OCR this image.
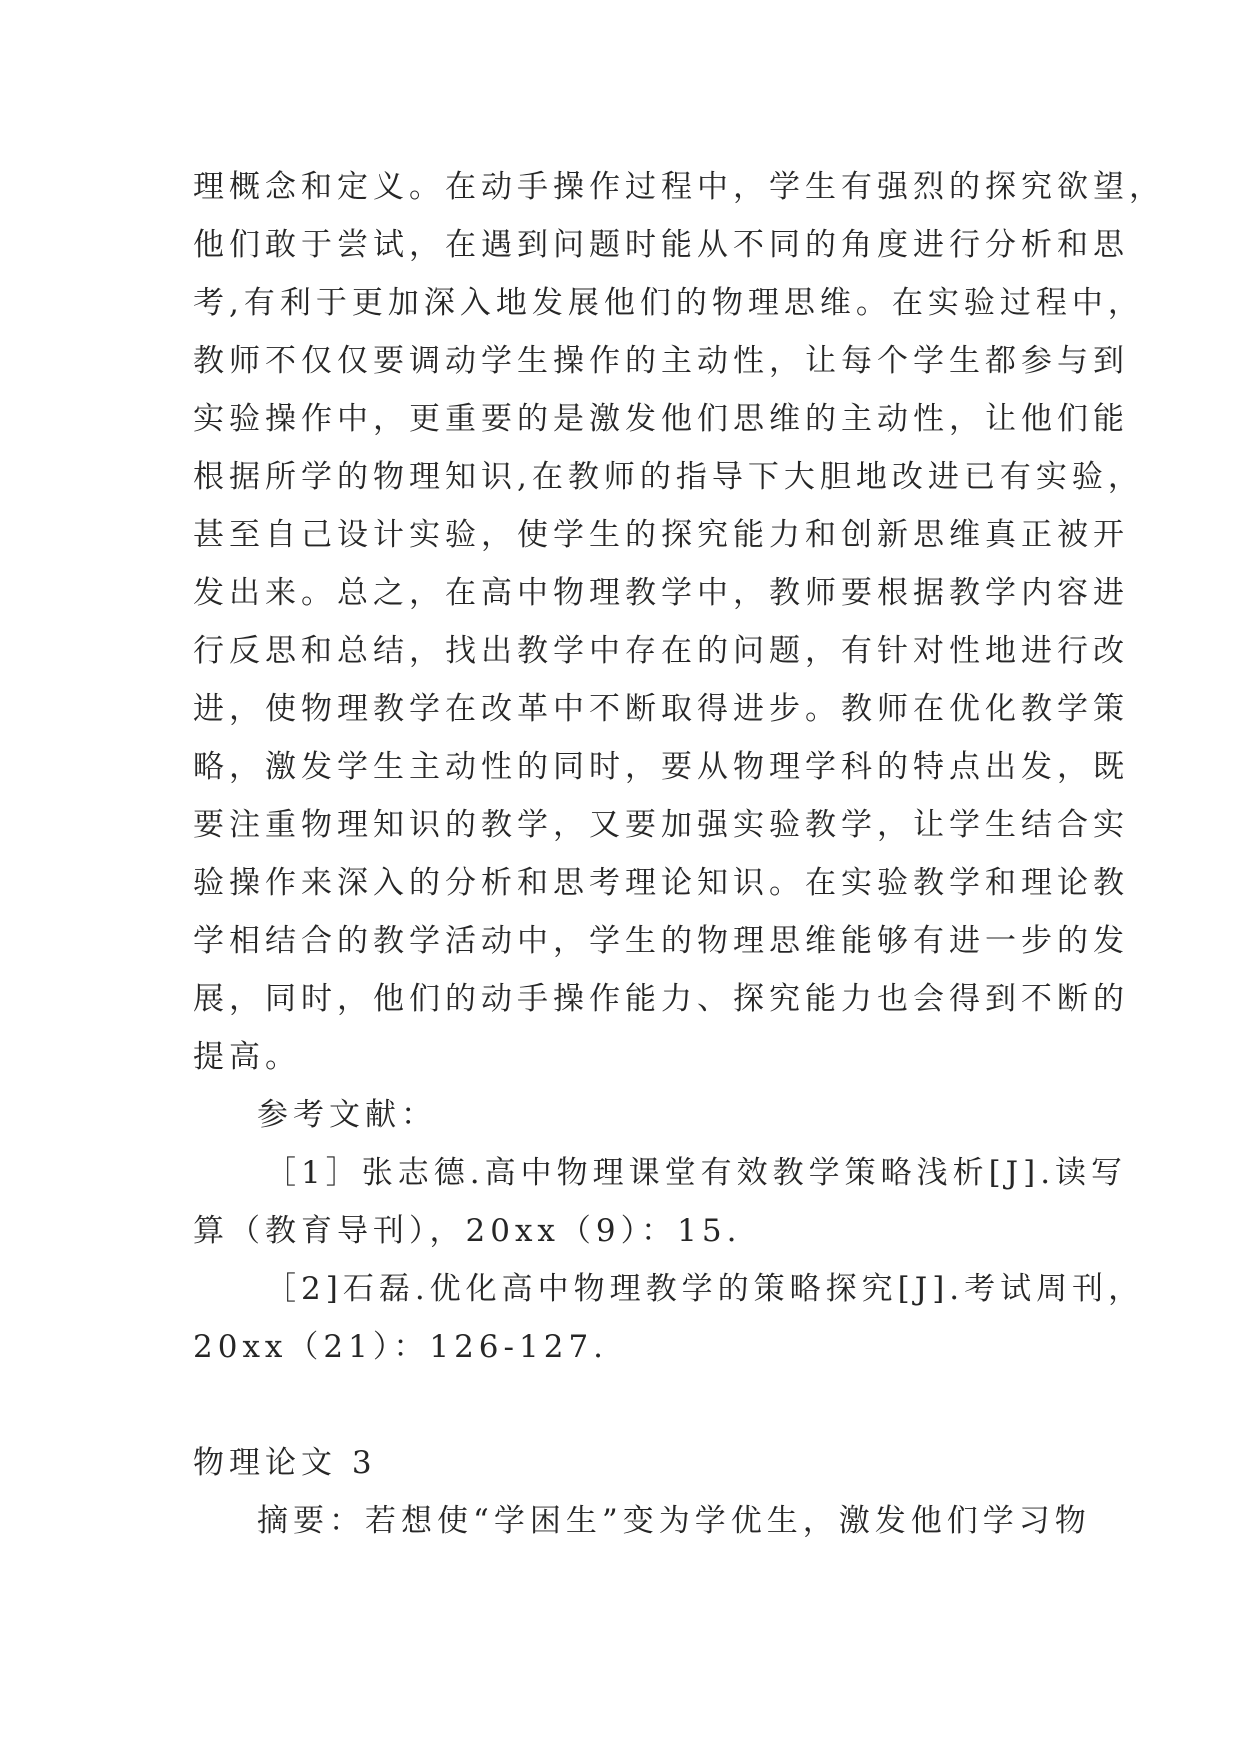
理概念和定义。在动手操作过程中，学生有强烈的探究欲望，
他们敢于尝试，在遇到问题时能从不同的角度进行分析和思
考,有利于更加深入地发展他们的物理思维。在实验过程中，
教师不仅仅要调动学生操作的主动性，让每个学生都参与到
实验操作中，更重要的是激发他们思维的主动性，让他们能
根据所学的物理知识,在教师的指导下大胆地改进已有实验，
甚至自己设计实验，使学生的探究能力和创新思维真正被开
发出来。总之，在高中物理教学中，教师要根据教学内容进
行反思和总结，找出教学中存在的问题，有针对性地进行改
进，使物理教学在改革中不断取得进步。教师在优化教学策
略，激发学生主动性的同时，要从物理学科的特点出发，既
要注重物理知识的教学，又要加强实验教学，让学生结合实
验操作来深入的分析和思考理论知识。在实验教学和理论教
学相结合的教学活动中，学生的物理思维能够有进一步的发
展，同时，他们的动手操作能力、探究能力也会得到不断的
提高。
参考文献：
［1］张志德.高中物理课堂有效教学策略浅析[J].读写
算（教育导刊），20xx（9）：15.
［2]石磊.优化高中物理教学的策略探究[J].考试周刊，
20xx（21）：126-127.
物理论文 3
摘要：若想使“学困生”变为学优生，激发他们学习物
